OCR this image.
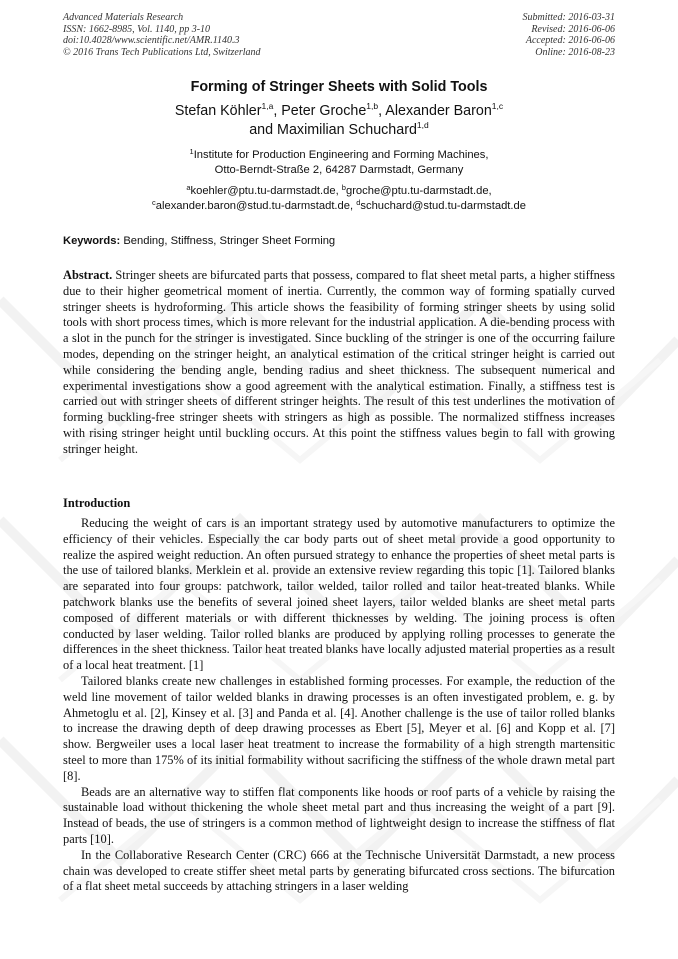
Advanced Materials Research
ISSN: 1662-8985, Vol. 1140, pp 3-10
doi:10.4028/www.scientific.net/AMR.1140.3
© 2016 Trans Tech Publications Ltd, Switzerland
Submitted: 2016-03-31
Revised: 2016-06-06
Accepted: 2016-06-06
Online: 2016-08-23
Forming of Stringer Sheets with Solid Tools
Stefan Köhler$^{1,a}$, Peter Groche$^{1,b}$, Alexander Baron$^{1,c}$
and Maximilian Schuchard$^{1,d}$
$^1$Institute for Production Engineering and Forming Machines,
Otto-Berndt-Straße 2, 64287 Darmstadt, Germany
$^a$koehler@ptu.tu-darmstadt.de, $^b$groche@ptu.tu-darmstadt.de,
$^c$alexander.baron@stud.tu-darmstadt.de, $^d$schuchard@stud.tu-darmstadt.de
Keywords: Bending, Stiffness, Stringer Sheet Forming

Abstract. Stringer sheets are bifurcated parts that possess, compared to flat sheet metal parts, a higher stiffness due to their higher geometrical moment of inertia. Currently, the common way of forming spatially curved stringer sheets is hydroforming. This article shows the feasibility of forming stringer sheets by using solid tools with short process times, which is more relevant for the industrial application. A die-bending process with a slot in the punch for the stringer is investigated. Since buckling of the stringer is one of the occurring failure modes, depending on the stringer height, an analytical estimation of the critical stringer height is carried out while considering the bending angle, bending radius and sheet thickness. The subsequent numerical and experimental investigations show a good agreement with the analytical estimation. Finally, a stiffness test is carried out with stringer sheets of different stringer heights. The result of this test underlines the motivation of forming buckling-free stringer sheets with stringers as high as possible. The normalized stiffness increases with rising stringer height until buckling occurs. At this point the stiffness values begin to fall with growing stringer height.

Introduction

Reducing the weight of cars is an important strategy used by automotive manufacturers to optimize the efficiency of their vehicles. Especially the car body parts out of sheet metal provide a good opportunity to realize the aspired weight reduction. An often pursued strategy to enhance the properties of sheet metal parts is the use of tailored blanks. Merklein et al. provide an extensive review regarding this topic [1]. Tailored blanks are separated into four groups: patchwork, tailor welded, tailor rolled and tailor heat-treated blanks. While patchwork blanks use the benefits of several joined sheet layers, tailor welded blanks are sheet metal parts composed of different materials or with different thicknesses by welding. The joining process is often conducted by laser welding. Tailor rolled blanks are produced by applying rolling processes to generate the differences in the sheet thickness. Tailor heat treated blanks have locally adjusted material properties as a result of a local heat treatment. [1]

Tailored blanks create new challenges in established forming processes. For example, the reduction of the weld line movement of tailor welded blanks in drawing processes is an often investigated problem, e. g. by Ahmetoglu et al. [2], Kinsey et al. [3] and Panda et al. [4]. Another challenge is the use of tailor rolled blanks to increase the drawing depth of deep drawing processes as Ebert [5], Meyer et al. [6] and Kopp et al. [7] show. Bergweiler uses a local laser heat treatment to increase the formability of a high strength martensitic steel to more than 175% of its initial formability without sacrificing the stiffness of the whole drawn metal part [8].

Beads are an alternative way to stiffen flat components like hoods or roof parts of a vehicle by raising the sustainable load without thickening the whole sheet metal part and thus increasing the weight of a part [9]. Instead of beads, the use of stringers is a common method of lightweight design to increase the stiffness of flat parts [10].

In the Collaborative Research Center (CRC) 666 at the Technische Universität Darmstadt, a new process chain was developed to create stiffer sheet metal parts by generating bifurcated cross sections. The bifurcation of a flat sheet metal succeeds by attaching stringers in a laser welding
